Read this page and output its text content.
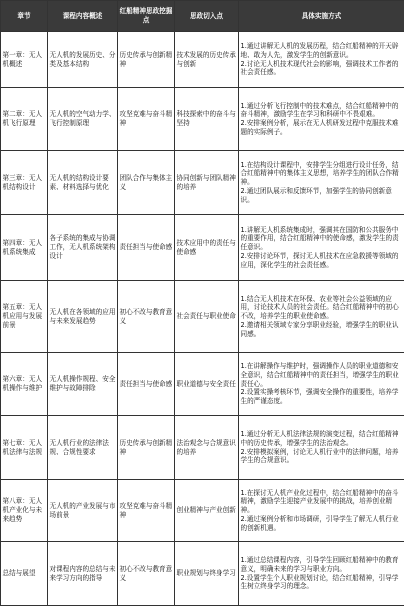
章节	课程内容概述	红船精神思政挖掘点	思政切入点	具体实施方式
第一章：无人机概述	无人机的发展历史、分类及基本结构	历史传承与创新精神	技术发展的历史传承与创新	1.通过讲解无人机的发展历程，结合红船精神的开天辟地、敢为人先，激发学生的创新意识。
2.讨论无人机技术现代社会的影响，强调技术工作者的社会责任感。
第二章：无人机飞行原理	无人机的空气动力学、飞行控制原理	攻坚克难与奋斗精神	科技探索中的奋斗与坚持	1.通过分析飞行控制中的技术难点，结合红船精神中的奋斗精神，激励学生在学习和科研中不畏艰难。
2.安排案例分析，展示在无人机研发过程中克服技术难题的实际例子。
第三章：无人机结构设计	无人机的结构设计要素、材料选择与优化	团队合作与集体主义	协同创新与团队精神的培养	1.在结构设计课程中，安排学生分组进行设计任务，结合红船精神中的集体主义思想，培养学生的团队合作精神。
2.通过团队展示和反馈环节，加强学生的协同创新意识。
第四章：无人机系统集成	各子系统的集成与协调工作，无人机系统架构设计	责任担当与使命感	技术应用中的责任与使命感	1.讲解无人机系统集成时，强调其在国防和公共服务中的重要作用，结合红船精神中的使命感，激发学生的责任意识。
2.安排讨论环节，探讨无人机技术在应急救援等领域的应用，深化学生的社会责任感。
第五章：无人机应用与发展前景	无人机在各领域的应用与未来发展趋势	初心不改与教育意义	社会责任与职业使命	1.结合无人机技术在环保、农业等社会公益领域的应用，讨论技术人员的社会责任。结合红船精神中的初心不改，培养学生的职业使命感。
2.邀请相关领域专家分享职业经验，增强学生的职业认同感。
第六章：无人机操作与维护	无人机操作规程、安全维护与故障排除	责任担当与使命感	职业道德与安全责任	1.在讲解操作与维护时，强调操作人员的职业道德和安全意识，结合红船精神中的责任担当，增强学生的职业责任心。
2.设置实操考核环节，强调安全操作的重要性，培养学生的严谨态度。
第七章：无人机法律与法规	无人机行业的法律法规、合规性要求	历史传承与创新精神	法治观念与合规意识的培养	1.通过分析无人机法律法规的演变过程，结合红船精神中的历史传承，增强学生的法治观念。
2.安排模拟案例，讨论无人机行业中的法律问题，培养学生的合规意识。
第八章：无人机产业化与未来趋势	无人机的产业发展与市场前景	攻坚克难与奋斗精神	创业精神与产业创新	1.在探讨无人机产业化过程中，结合红船精神中的奋斗精神，激励学生迎接产业发展中的挑战，培养创业精神。
2.通过案例分析和市场调研，引导学生了解无人机行业的创新机遇。
总结与展望	对课程内容的总结与未来学习方向的指导	初心不改与教育意义	职业规划与终身学习	1.通过总结课程内容，引导学生回顾红船精神中的教育意义，明确未来的学习与职业方向。
2.设置学生个人职业规划讨论，结合红船精神，引导学生树立终身学习的理念。
